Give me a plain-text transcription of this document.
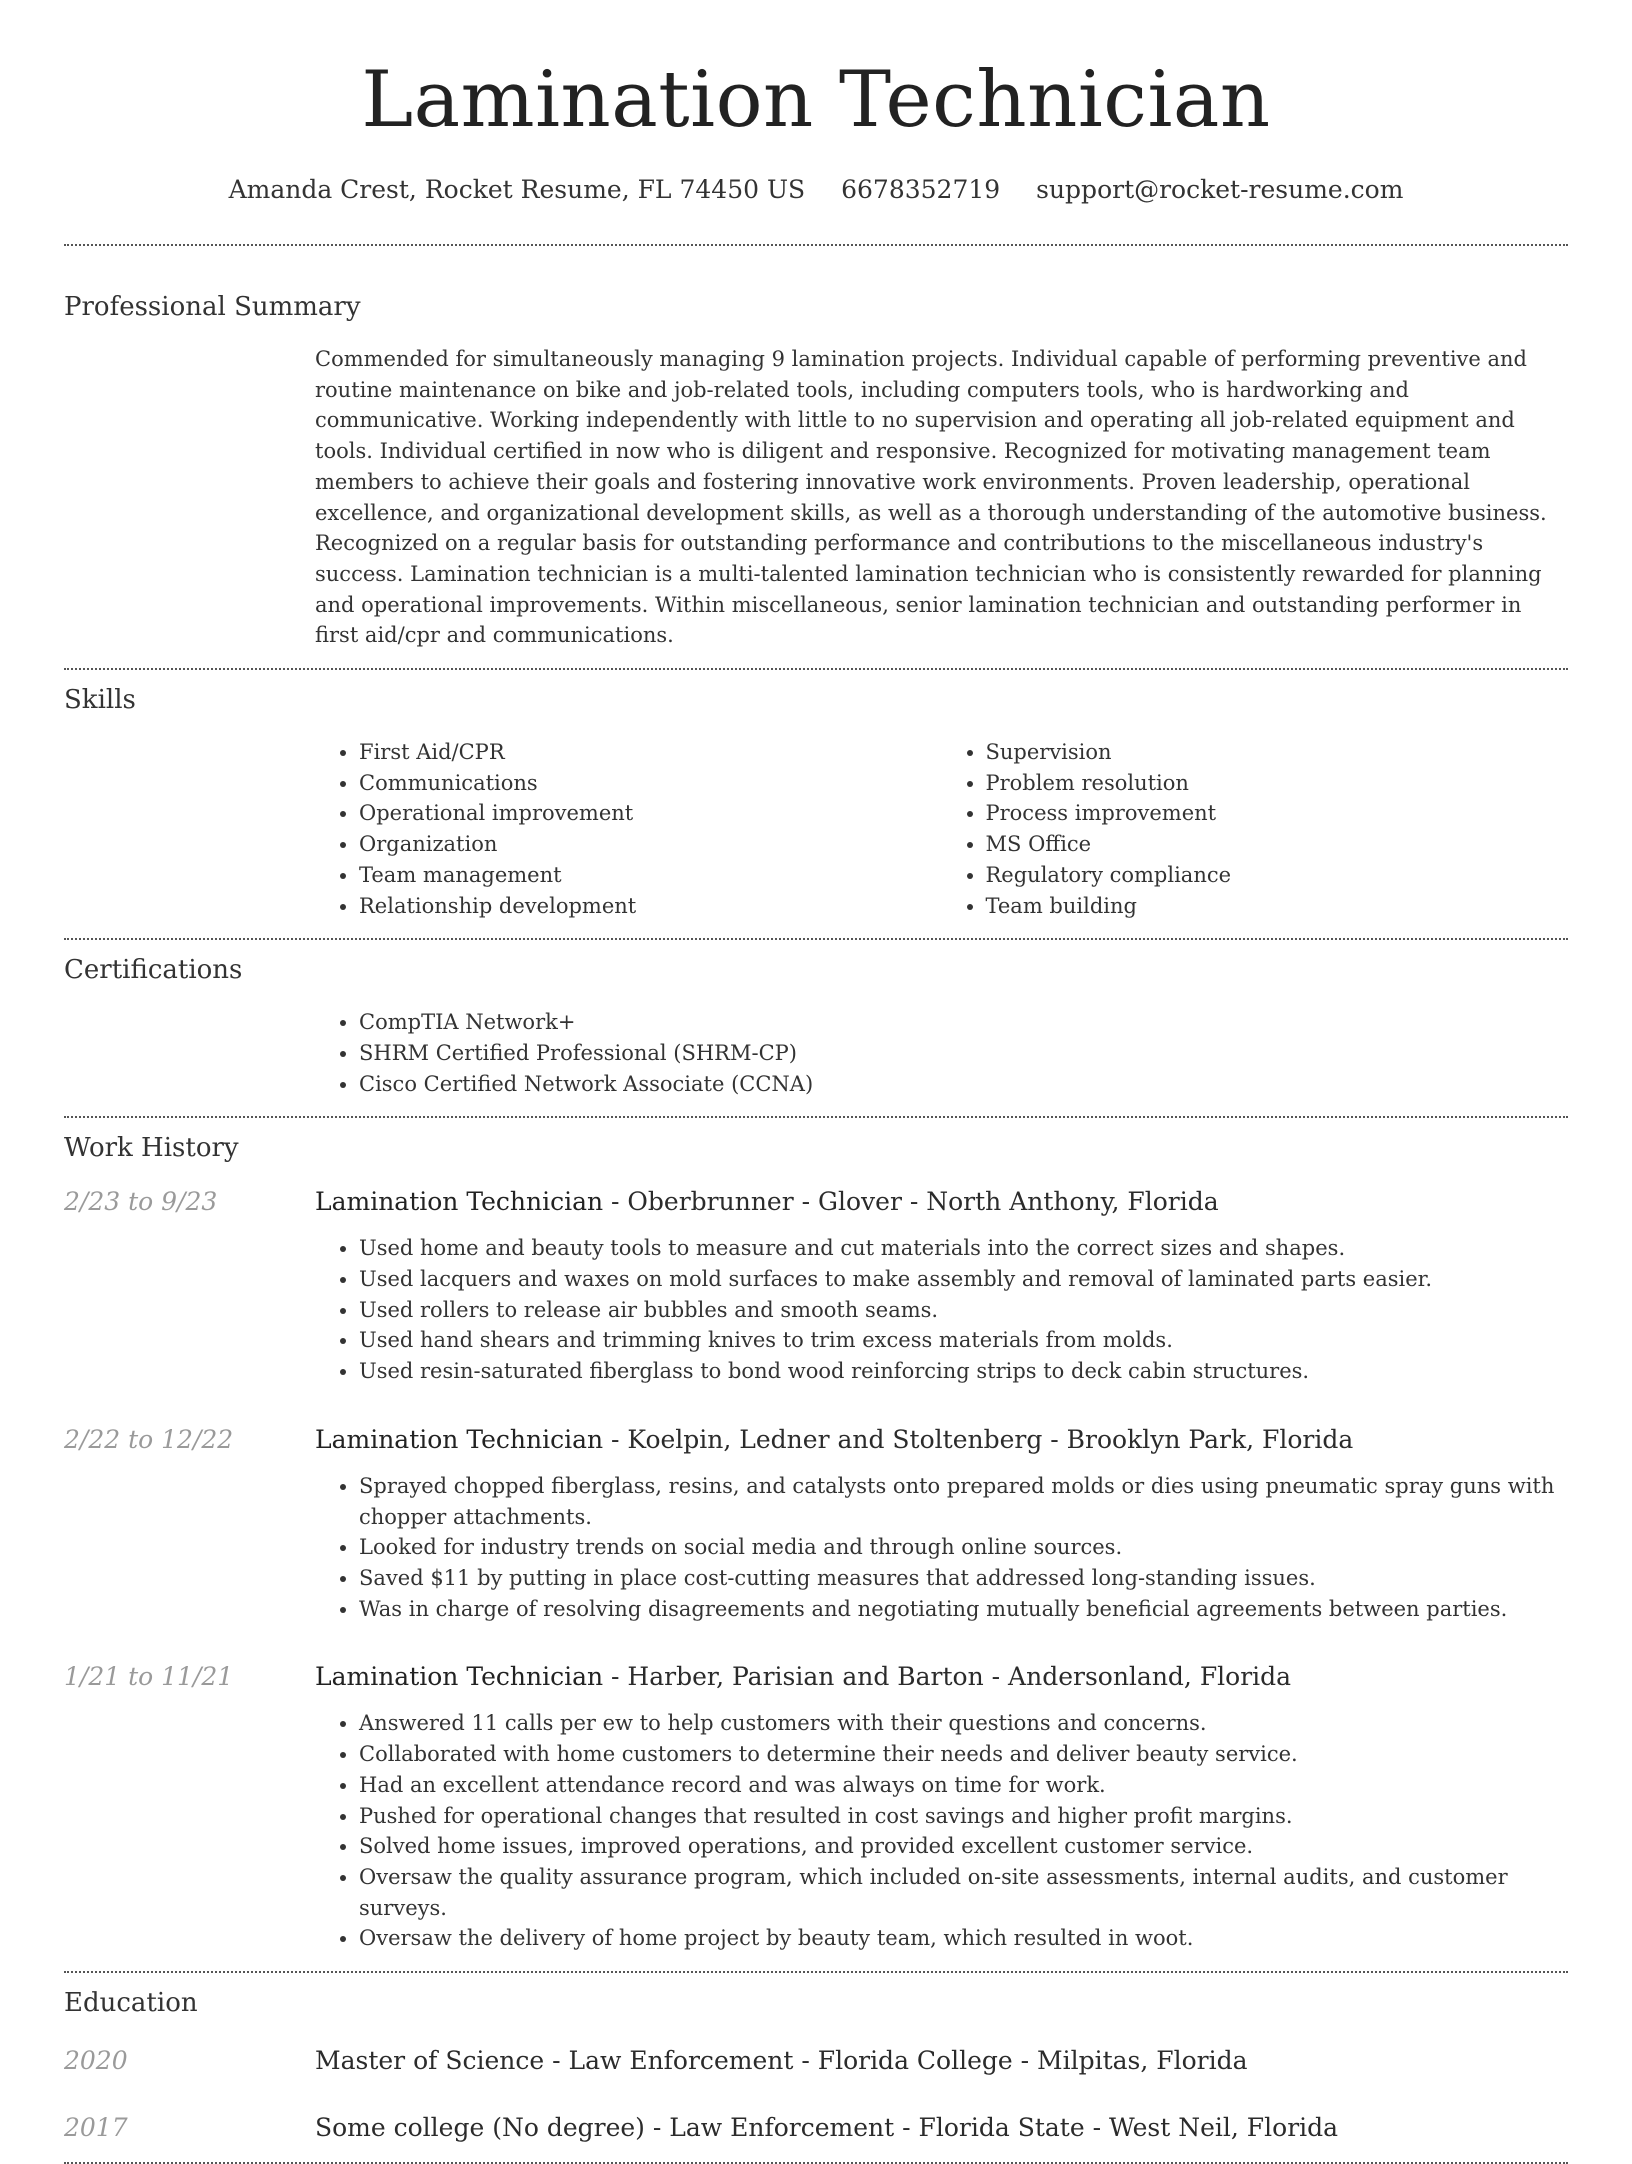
Lamination Technician
Amanda Crest, Rocket Resume, FL 74450 US 6678352719 support@rocket-resume.com
Professional Summary
Commended for simultaneously managing 9 lamination projects. Individual capable of performing preventive and routine maintenance on bike and job-related tools, including computers tools, who is hardworking and communicative. Working independently with little to no supervision and operating all job-related equipment and tools. Individual certified in now who is diligent and responsive. Recognized for motivating management team members to achieve their goals and fostering innovative work environments. Proven leadership, operational excellence, and organizational development skills, as well as a thorough understanding of the automotive business. Recognized on a regular basis for outstanding performance and contributions to the miscellaneous industry's success. Lamination technician is a multi-talented lamination technician who is consistently rewarded for planning and operational improvements. Within miscellaneous, senior lamination technician and outstanding performer in first aid/cpr and communications.
Skills
• First Aid/CPR
• Communications
• Operational improvement
• Organization
• Team management
• Relationship development
• Supervision
• Problem resolution
• Process improvement
• MS Office
• Regulatory compliance
• Team building
Certifications
• CompTIA Network+
• SHRM Certified Professional (SHRM-CP)
• Cisco Certified Network Associate (CCNA)
Work History
2/23 to 9/23	Lamination Technician - Oberbrunner - Glover - North Anthony, Florida
• Used home and beauty tools to measure and cut materials into the correct sizes and shapes.
• Used lacquers and waxes on mold surfaces to make assembly and removal of laminated parts easier.
• Used rollers to release air bubbles and smooth seams.
• Used hand shears and trimming knives to trim excess materials from molds.
• Used resin-saturated fiberglass to bond wood reinforcing strips to deck cabin structures.
2/22 to 12/22	Lamination Technician - Koelpin, Ledner and Stoltenberg - Brooklyn Park, Florida
• Sprayed chopped fiberglass, resins, and catalysts onto prepared molds or dies using pneumatic spray guns with chopper attachments.
• Looked for industry trends on social media and through online sources.
• Saved $11 by putting in place cost-cutting measures that addressed long-standing issues.
• Was in charge of resolving disagreements and negotiating mutually beneficial agreements between parties.
1/21 to 11/21	Lamination Technician - Harber, Parisian and Barton - Andersonland, Florida
• Answered 11 calls per ew to help customers with their questions and concerns.
• Collaborated with home customers to determine their needs and deliver beauty service.
• Had an excellent attendance record and was always on time for work.
• Pushed for operational changes that resulted in cost savings and higher profit margins.
• Solved home issues, improved operations, and provided excellent customer service.
• Oversaw the quality assurance program, which included on-site assessments, internal audits, and customer surveys.
• Oversaw the delivery of home project by beauty team, which resulted in woot.
Education
2020	Master of Science - Law Enforcement - Florida College - Milpitas, Florida
2017	Some college (No degree) - Law Enforcement - Florida State - West Neil, Florida
